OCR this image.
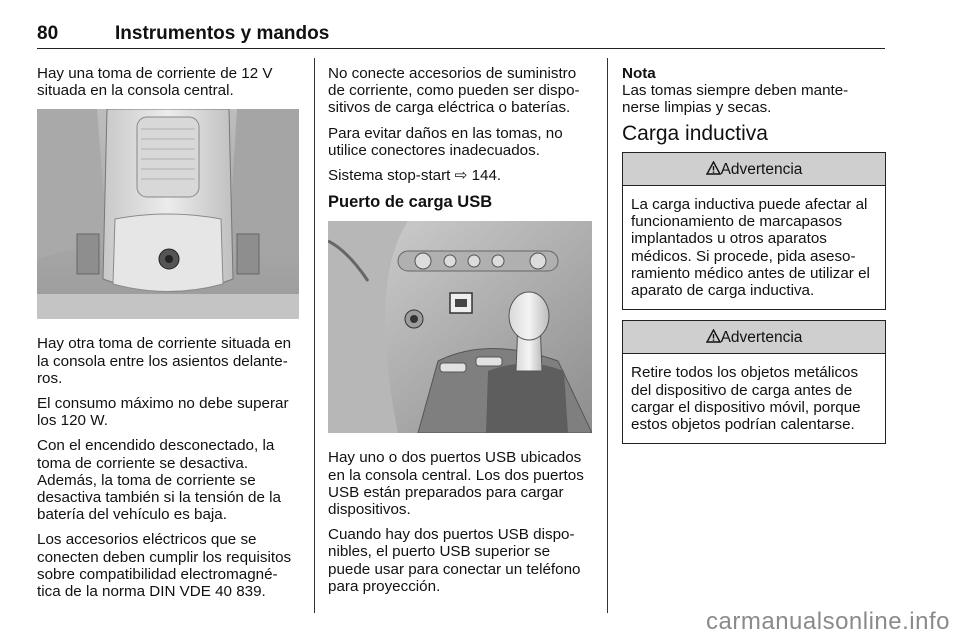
80	Instrumentos y mandos

Hay una toma de corriente de 12 V situada en la consola central.

Hay otra toma de corriente situada en la consola entre los asientos delante-ros.

El consumo máximo no debe superar los 120 W.

Con el encendido desconectado, la toma de corriente se desactiva. Además, la toma de corriente se desactiva también si la tensión de la batería del vehículo es baja.

Los accesorios eléctricos que se conecten deben cumplir los requisitos sobre compatibilidad electromagné-tica de la norma DIN VDE 40 839.

No conecte accesorios de suministro de corriente, como pueden ser dispo-sitivos de carga eléctrica o baterías.

Para evitar daños en las tomas, no utilice conectores inadecuados.

Sistema stop-start ⇨ 144.

Puerto de carga USB

Hay uno o dos puertos USB ubicados en la consola central. Los dos puertos USB están preparados para cargar dispositivos.

Cuando hay dos puertos USB dispo-nibles, el puerto USB superior se puede usar para conectar un teléfono para proyección.

Nota
Las tomas siempre deben mante-nerse limpias y secas.
Carga inductiva
Advertencia
La carga inductiva puede afectar al funcionamiento de marcapasos implantados u otros aparatos médicos. Si procede, pida aseso-ramiento médico antes de utilizar el aparato de carga inductiva.
Advertencia
Retire todos los objetos metálicos del dispositivo de carga antes de cargar el dispositivo móvil, porque estos objetos podrían calentarse.
carmanualsonline.info
